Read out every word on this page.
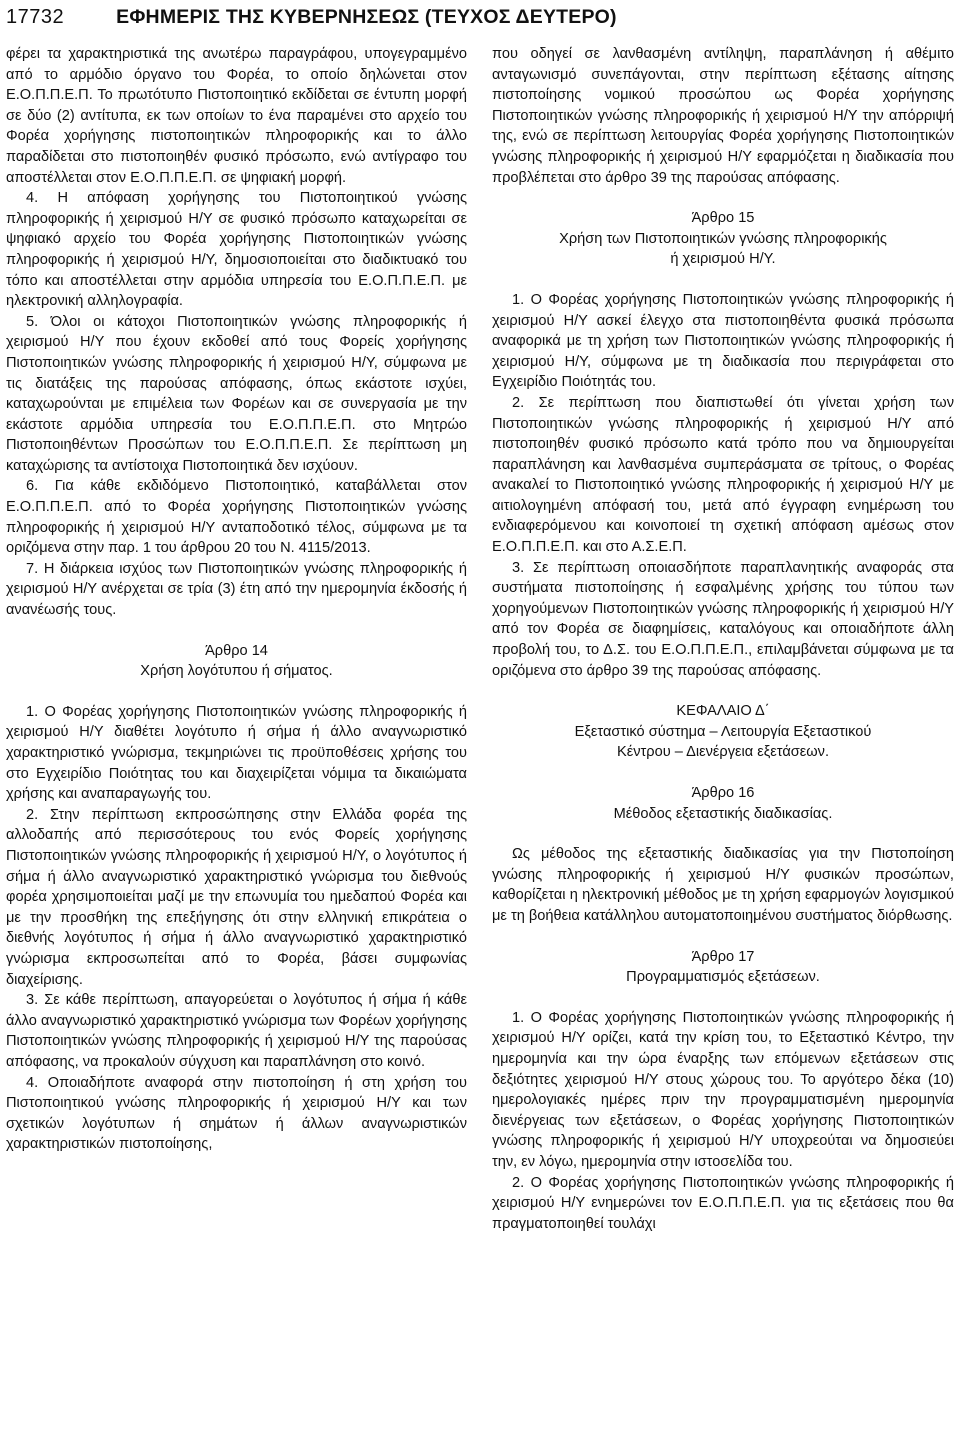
17732	ΕΦΗΜΕΡΙΣ ΤΗΣ ΚΥΒΕΡΝΗΣΕΩΣ (ΤΕΥΧΟΣ ΔΕΥΤΕΡΟ)

φέρει τα χαρακτηριστικά της ανωτέρω παραγράφου, υπογεγραμμένο από το αρμόδιο όργανο του Φορέα, το οποίο δηλώνεται στον Ε.Ο.Π.Π.Ε.Π. Το πρωτότυπο Πιστοποιητικό εκδίδεται σε έντυπη μορφή σε δύο (2) αντίτυπα, εκ των οποίων το ένα παραμένει στο αρχείο του Φορέα χορήγησης πιστοποιητικών πληροφορικής και το άλλο παραδίδεται στο πιστοποιηθέν φυσικό πρόσωπο, ενώ αντίγραφο του αποστέλλεται στον Ε.Ο.Π.Π.Ε.Π. σε ψηφιακή μορφή.

4. Η απόφαση χορήγησης του Πιστοποιητικού γνώσης πληροφορικής ή χειρισμού Η/Υ σε φυσικό πρόσωπο καταχωρείται σε ψηφιακό αρχείο του Φορέα χορήγησης Πιστοποιητικών γνώσης πληροφορικής ή χειρισμού Η/Υ, δημοσιοποιείται στο διαδικτυακό του τόπο και αποστέλλεται στην αρμόδια υπηρεσία του Ε.Ο.Π.Π.Ε.Π. με ηλεκτρονική αλληλογραφία.

5. Όλοι οι κάτοχοι Πιστοποιητικών γνώσης πληροφορικής ή χειρισμού Η/Υ που έχουν εκδοθεί από τους Φορείς χορήγησης Πιστοποιητικών γνώσης πληροφορικής ή χειρισμού Η/Υ, σύμφωνα με τις διατάξεις της παρούσας απόφασης, όπως εκάστοτε ισχύει, καταχωρούνται με επιμέλεια των Φορέων και σε συνεργασία με την εκάστοτε αρμόδια υπηρεσία του Ε.Ο.Π.Π.Ε.Π. στο Μητρώο Πιστοποιηθέντων Προσώπων του Ε.Ο.Π.Π.Ε.Π. Σε περίπτωση μη καταχώρισης τα αντίστοιχα Πιστοποιητικά δεν ισχύουν.

6. Για κάθε εκδιδόμενο Πιστοποιητικό, καταβάλλεται στον Ε.Ο.Π.Π.Ε.Π. από το Φορέα χορήγησης Πιστοποιητικών γνώσης πληροφορικής ή χειρισμού Η/Υ ανταποδοτικό τέλος, σύμφωνα με τα οριζόμενα στην παρ. 1 του άρθρου 20 του Ν. 4115/2013.

7. Η διάρκεια ισχύος των Πιστοποιητικών γνώσης πληροφορικής ή χειρισμού Η/Υ ανέρχεται σε τρία (3) έτη από την ημερομηνία έκδοσής ή ανανέωσής τους.

Άρθρο 14
Χρήση λογότυπου ή σήματος.

1. Ο Φορέας χορήγησης Πιστοποιητικών γνώσης πληροφορικής ή χειρισμού Η/Υ διαθέτει λογότυπο ή σήμα ή άλλο αναγνωριστικό χαρακτηριστικό γνώρισμα, τεκμηριώνει τις προϋποθέσεις χρήσης του στο Εγχειρίδιο Ποιότητας του και διαχειρίζεται νόμιμα τα δικαιώματα χρήσης και αναπαραγωγής του.

2. Στην περίπτωση εκπροσώπησης στην Ελλάδα φορέα της αλλοδαπής από περισσότερους του ενός Φορείς χορήγησης Πιστοποιητικών γνώσης πληροφορικής ή χειρισμού Η/Υ, ο λογότυπος ή σήμα ή άλλο αναγνωριστικό χαρακτηριστικό γνώρισμα του διεθνούς φορέα χρησιμοποιείται μαζί με την επωνυμία του ημεδαπού Φορέα και με την προσθήκη της επεξήγησης ότι στην ελληνική επικράτεια ο διεθνής λογότυπος ή σήμα ή άλλο αναγνωριστικό χαρακτηριστικό γνώρισμα εκπροσωπείται από το Φορέα, βάσει συμφωνίας διαχείρισης.

3. Σε κάθε περίπτωση, απαγορεύεται ο λογότυπος ή σήμα ή κάθε άλλο αναγνωριστικό χαρακτηριστικό γνώρισμα των Φορέων χορήγησης Πιστοποιητικών γνώσης πληροφορικής ή χειρισμού Η/Υ της παρούσας απόφασης, να προκαλούν σύγχυση και παραπλάνηση στο κοινό.

4. Οποιαδήποτε αναφορά στην πιστοποίηση ή στη χρήση του Πιστοποιητικού γνώσης πληροφορικής ή χειρισμού Η/Υ και των σχετικών λογότυπων ή σημάτων ή άλλων αναγνωριστικών χαρακτηριστικών πιστοποίησης,

που οδηγεί σε λανθασμένη αντίληψη, παραπλάνηση ή αθέμιτο ανταγωνισμό συνεπάγονται, στην περίπτωση εξέτασης αίτησης πιστοποίησης νομικού προσώπου ως Φορέα χορήγησης Πιστοποιητικών γνώσης πληροφορικής ή χειρισμού Η/Υ την απόρριψή της, ενώ σε περίπτωση λειτουργίας Φορέα χορήγησης Πιστοποιητικών γνώσης πληροφορικής ή χειρισμού Η/Υ εφαρμόζεται η διαδικασία που προβλέπεται στο άρθρο 39 της παρούσας απόφασης.

Άρθρο 15
Χρήση των Πιστοποιητικών γνώσης πληροφορικής
ή χειρισμού Η/Υ.

1. Ο Φορέας χορήγησης Πιστοποιητικών γνώσης πληροφορικής ή χειρισμού Η/Υ ασκεί έλεγχο στα πιστοποιηθέντα φυσικά πρόσωπα αναφορικά με τη χρήση των Πιστοποιητικών γνώσης πληροφορικής ή χειρισμού Η/Υ, σύμφωνα με τη διαδικασία που περιγράφεται στο Εγχειρίδιο Ποιότητάς του.

2. Σε περίπτωση που διαπιστωθεί ότι γίνεται χρήση των Πιστοποιητικών γνώσης πληροφορικής ή χειρισμού Η/Υ από πιστοποιηθέν φυσικό πρόσωπο κατά τρόπο που να δημιουργείται παραπλάνηση και λανθασμένα συμπεράσματα σε τρίτους, ο Φορέας ανακαλεί το Πιστοποιητικό γνώσης πληροφορικής ή χειρισμού Η/Υ με αιτιολογημένη απόφασή του, μετά από έγγραφη ενημέρωση του ενδιαφερόμενου και κοινοποιεί τη σχετική απόφαση αμέσως στον Ε.Ο.Π.Π.Ε.Π. και στο Α.Σ.Ε.Π.

3. Σε περίπτωση οποιασδήποτε παραπλανητικής αναφοράς στα συστήματα πιστοποίησης ή εσφαλμένης χρήσης του τύπου των χορηγούμενων Πιστοποιητικών γνώσης πληροφορικής ή χειρισμού Η/Υ από τον Φορέα σε διαφημίσεις, καταλόγους και οποιαδήποτε άλλη προβολή του, το Δ.Σ. του Ε.Ο.Π.Π.Ε.Π., επιλαμβάνεται σύμφωνα με τα οριζόμενα στο άρθρο 39 της παρούσας απόφασης.

ΚΕΦΑΛΑΙΟ Δ΄
Εξεταστικό σύστημα – Λειτουργία Εξεταστικού
Κέντρου – Διενέργεια εξετάσεων.
Άρθρο 16
Μέθοδος εξεταστικής διαδικασίας.

Ως μέθοδος της εξεταστικής διαδικασίας για την Πιστοποίηση γνώσης πληροφορικής ή χειρισμού Η/Υ φυσικών προσώπων, καθορίζεται η ηλεκτρονική μέθοδος με τη χρήση εφαρμογών λογισμικού με τη βοήθεια κατάλληλου αυτοματοποιημένου συστήματος διόρθωσης.

Άρθρο 17
Προγραμματισμός εξετάσεων.

1. Ο Φορέας χορήγησης Πιστοποιητικών γνώσης πληροφορικής ή χειρισμού Η/Υ ορίζει, κατά την κρίση του, το Εξεταστικό Κέντρο, την ημερομηνία και την ώρα έναρξης των επόμενων εξετάσεων στις δεξιότητες χειρισμού Η/Υ στους χώρους του. Το αργότερο δέκα (10) ημερολογιακές ημέρες πριν την προγραμματισμένη ημερομηνία διενέργειας των εξετάσεων, ο Φορέας χορήγησης Πιστοποιητικών γνώσης πληροφορικής ή χειρισμού Η/Υ υποχρεούται να δημοσιεύει την, εν λόγω, ημερομηνία στην ιστοσελίδα του.

2. Ο Φορέας χορήγησης Πιστοποιητικών γνώσης πληροφορικής ή χειρισμού Η/Υ ενημερώνει τον Ε.Ο.Π.Π.Ε.Π. για τις εξετάσεις που θα πραγματοποιηθεί τουλάχι
